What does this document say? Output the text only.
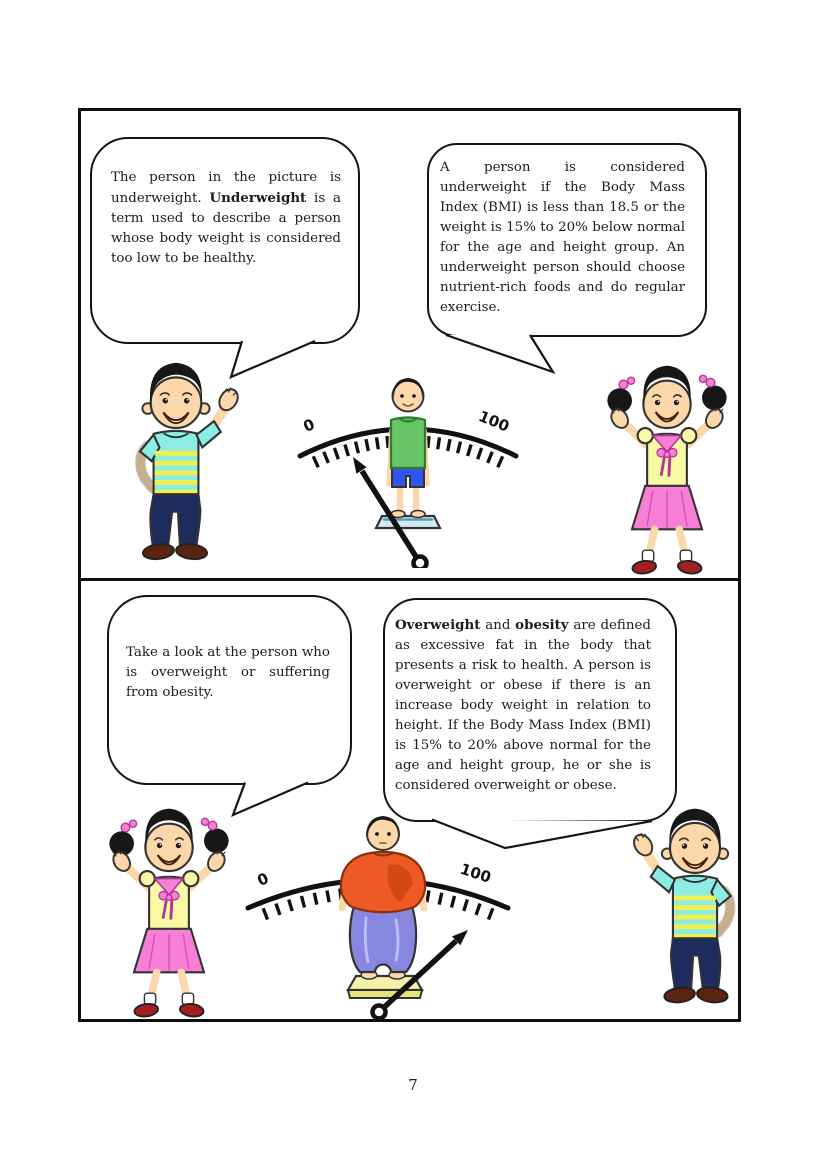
The person in the picture is underweight. Underweight is a term used to describe a person whose body weight is considered too low to be healthy.

A person is considered underweight if the Body Mass Index (BMI) is less than 18.5 or the weight is 15% to 20% below normal for the age and height group. An underweight person should choose nutrient-rich foods and do regular exercise.

0	100

Take a look at the person who is overweight or suffering from obesity.

Overweight and obesity are defined as excessive fat in the body that presents a risk to health. A person is overweight or obese if there is an increase body weight in relation to height. If the Body Mass Index (BMI) is 15% to 20% above normal for the age and height group, he or she is considered overweight or obese.

0	100
7
